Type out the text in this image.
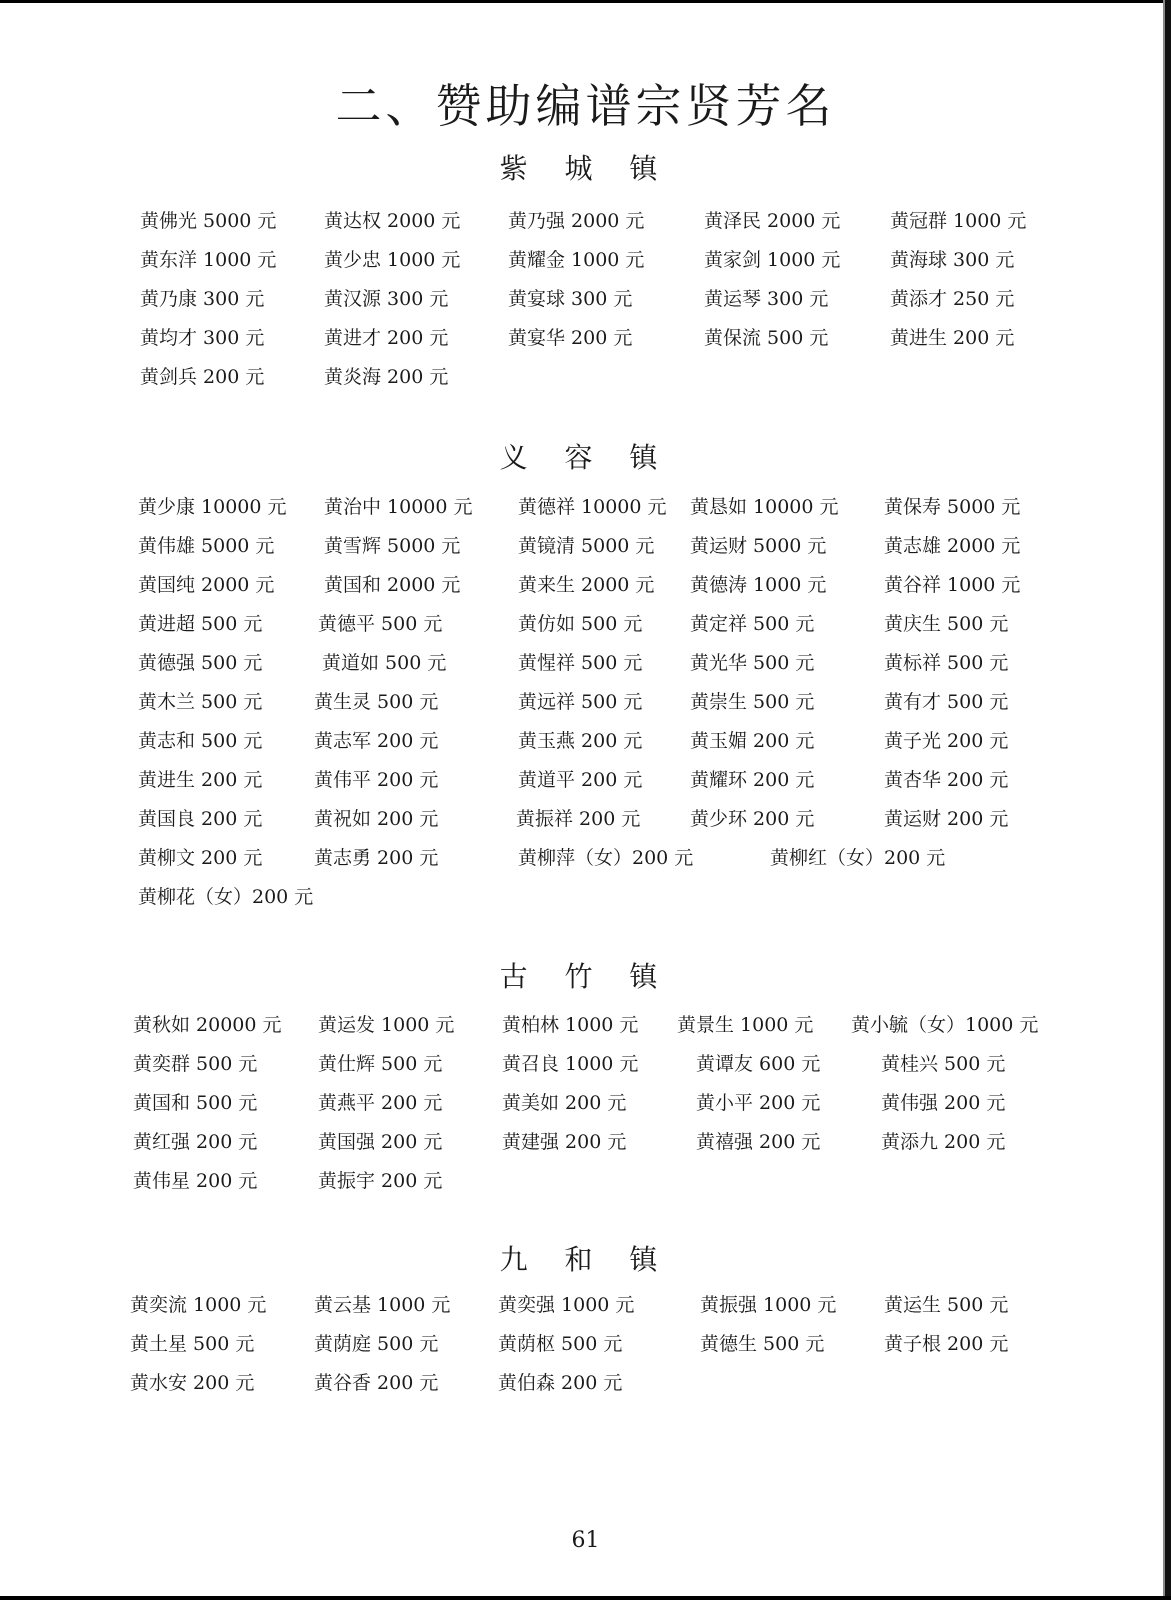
二、赞助编谱宗贤芳名
紫 城 镇
黄佛光 5000 元	黄达权 2000 元	黄乃强 2000 元	黄泽民 2000 元	黄冠群 1000 元
黄东洋 1000 元	黄少忠 1000 元	黄耀金 1000 元	黄家剑 1000 元	黄海球 300 元
黄乃康 300 元	黄汉源 300 元	黄宴球 300 元	黄运琴 300 元	黄添才 250 元
黄均才 300 元	黄进才 200 元	黄宴华 200 元	黄保流 500 元	黄进生 200 元
黄剑兵 200 元	黄炎海 200 元
义 容 镇
黄少康 10000 元 黄治中 10000 元 黄德祥 10000 元 黄恳如 10000 元 黄保寿 5000 元
黄伟雄 5000 元	黄雪辉 5000 元	黄镜清 5000 元 黄运财 5000 元	黄志雄 2000 元
黄国纯 2000 元	黄国和 2000 元	黄来生 2000 元 黄德涛 1000 元	黄谷祥 1000 元
黄进超 500 元	黄德平 500 元	黄仿如 500 元	黄定祥 500 元	黄庆生 500 元
黄德强 500 元	黄道如 500 元	黄惺祥 500 元	黄光华 500 元	黄标祥 500 元
黄木兰 500 元	黄生灵 500 元	黄远祥 500 元	黄崇生 500 元	黄有才 500 元
黄志和 500 元	黄志军 200 元	黄玉燕 200 元	黄玉媚 200 元	黄子光 200 元
黄进生 200 元	黄伟平 200 元	黄道平 200 元	黄耀环 200 元	黄杏华 200 元
黄国良 200 元	黄祝如 200 元	黄振祥 200 元	黄少环 200 元	黄运财 200 元
黄柳文 200 元	黄志勇 200 元	黄柳萍（女）200 元	黄柳红（女）200 元
黄柳花（女）200 元
古 竹 镇
黄秋如 20000 元 黄运发 1000 元	黄柏林 1000 元 黄景生 1000 元 黄小毓（女）1000 元
黄奕群 500 元	黄仕辉 500 元	黄召良 1000 元	黄谭友 600 元	黄桂兴 500 元
黄国和 500 元	黄燕平 200 元	黄美如 200 元	黄小平 200 元	黄伟强 200 元
黄红强 200 元	黄国强 200 元	黄建强 200 元	黄禧强 200 元	黄添九 200 元
黄伟星 200 元	黄振宇 200 元
九 和 镇
黄奕流 1000 元	黄云基 1000 元	黄奕强 1000 元	黄振强 1000 元	黄运生 500 元
黄土星 500 元	黄荫庭 500 元	黄荫枢 500 元	黄德生 500 元	黄子根 200 元
黄水安 200 元	黄谷香 200 元	黄伯森 200 元
61
